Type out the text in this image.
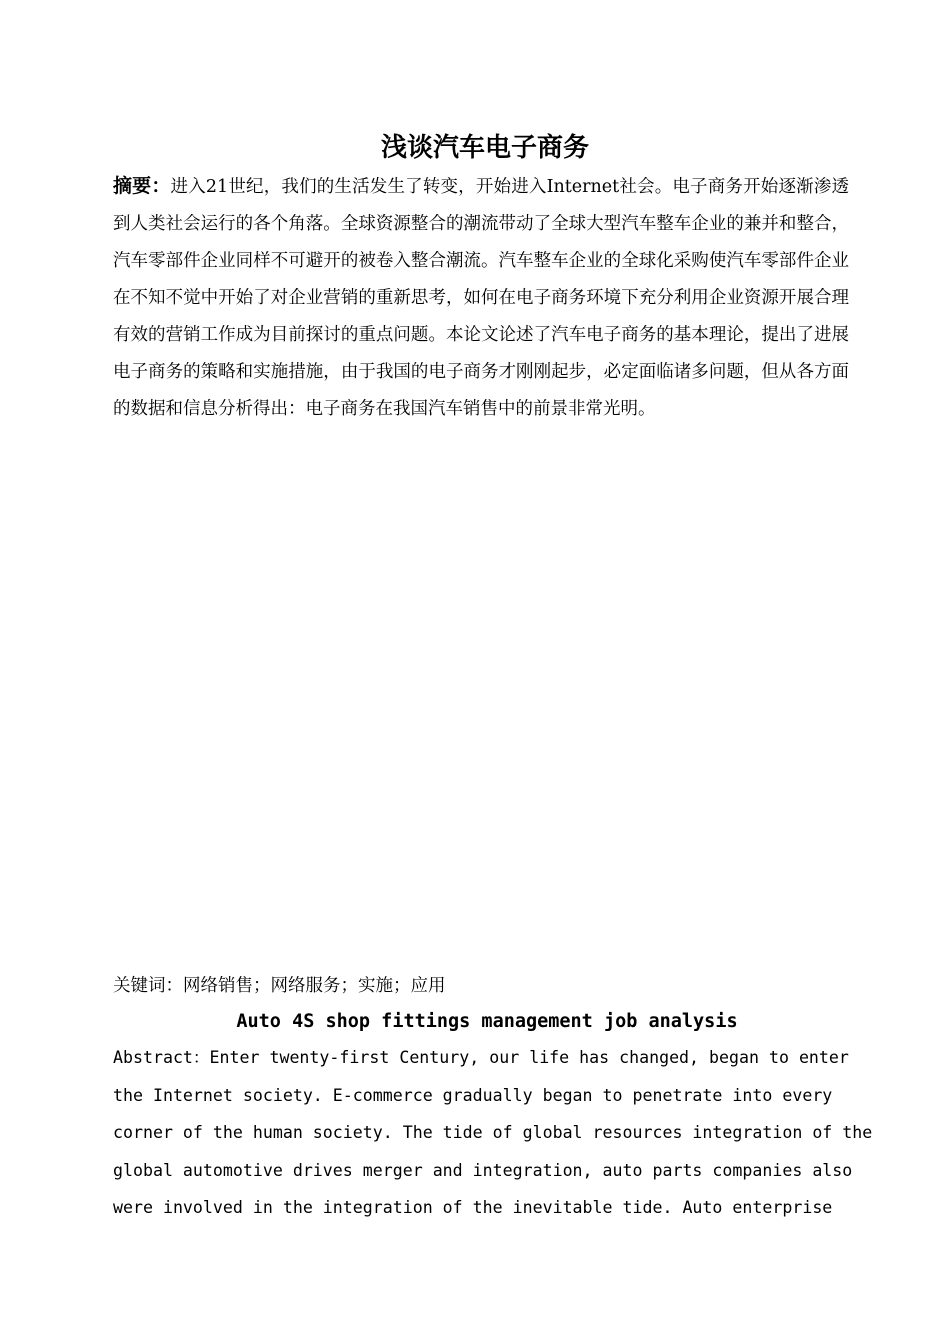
浅谈汽车电子商务

摘要：进入21世纪，我们的生活发生了转变，开始进入Internet社会。电子商务开始逐渐渗透到人类社会运行的各个角落。全球资源整合的潮流带动了全球大型汽车整车企业的兼并和整合，汽车零部件企业同样不可避开的被卷入整合潮流。汽车整车企业的全球化采购使汽车零部件企业在不知不觉中开始了对企业营销的重新思考，如何在电子商务环境下充分利用企业资源开展合理有效的营销工作成为目前探讨的重点问题。本论文论述了汽车电子商务的基本理论，提出了进展电子商务的策略和实施措施，由于我国的电子商务才刚刚起步，必定面临诸多问题，但从各方面的数据和信息分析得出：电子商务在我国汽车销售中的前景非常光明。

关键词：网络销售；网络服务；实施；应用

Auto 4S shop fittings management job analysis

Abstract：Enter twenty-first Century, our life has changed, began to enter
the Internet society. E-commerce gradually began to penetrate into every
corner of the human society. The tide of global resources integration of the
global automotive drives merger and integration, auto parts companies also
were involved in the integration of the inevitable tide. Auto enterprise
